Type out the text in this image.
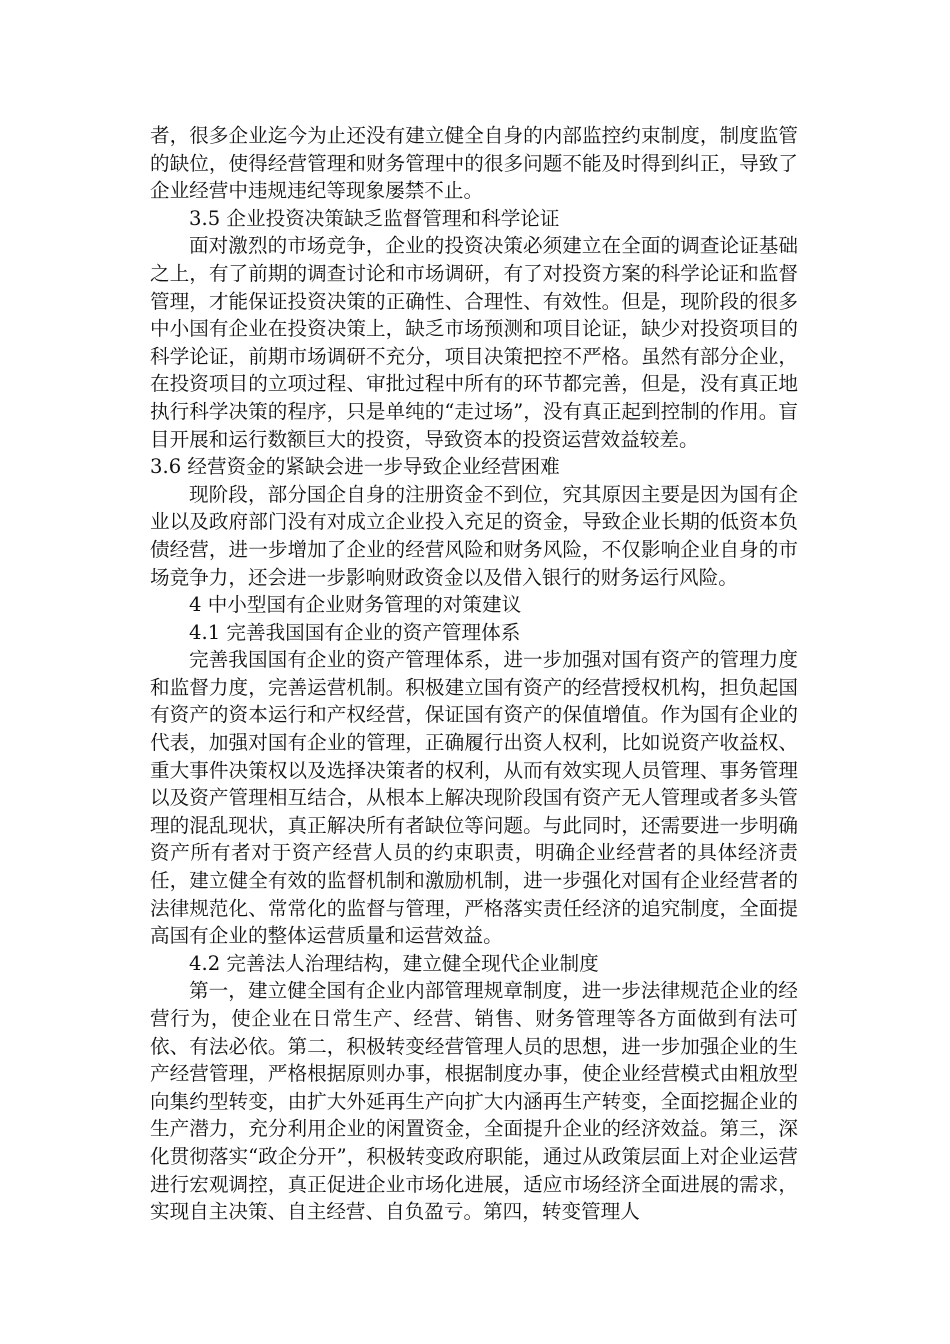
者，很多企业迄今为止还没有建立健全自身的内部监控约束制度，制度监管的缺位，使得经营管理和财务管理中的很多问题不能及时得到纠正，导致了企业经营中违规违纪等现象屡禁不止。

3.5 企业投资决策缺乏监督管理和科学论证

面对激烈的市场竞争，企业的投资决策必须建立在全面的调查论证基础之上，有了前期的调查讨论和市场调研，有了对投资方案的科学论证和监督管理，才能保证投资决策的正确性、合理性、有效性。但是，现阶段的很多中小国有企业在投资决策上，缺乏市场预测和项目论证，缺少对投资项目的科学论证，前期市场调研不充分，项目决策把控不严格。虽然有部分企业，在投资项目的立项过程、审批过程中所有的环节都完善，但是，没有真正地执行科学决策的程序，只是单纯的“走过场”，没有真正起到控制的作用。盲目开展和运行数额巨大的投资，导致资本的投资运营效益较差。

3.6 经营资金的紧缺会进一步导致企业经营困难

现阶段，部分国企自身的注册资金不到位，究其原因主要是因为国有企业以及政府部门没有对成立企业投入充足的资金，导致企业长期的低资本负债经营，进一步增加了企业的经营风险和财务风险，不仅影响企业自身的市场竞争力，还会进一步影响财政资金以及借入银行的财务运行风险。

4 中小型国有企业财务管理的对策建议

4.1 完善我国国有企业的资产管理体系

完善我国国有企业的资产管理体系，进一步加强对国有资产的管理力度和监督力度，完善运营机制。积极建立国有资产的经营授权机构，担负起国有资产的资本运行和产权经营，保证国有资产的保值增值。作为国有企业的代表，加强对国有企业的管理，正确履行出资人权利，比如说资产收益权、重大事件决策权以及选择决策者的权利，从而有效实现人员管理、事务管理以及资产管理相互结合，从根本上解决现阶段国有资产无人管理或者多头管理的混乱现状，真正解决所有者缺位等问题。与此同时，还需要进一步明确资产所有者对于资产经营人员的约束职责，明确企业经营者的具体经济责任，建立健全有效的监督机制和激励机制，进一步强化对国有企业经营者的法律规范化、常常化的监督与管理，严格落实责任经济的追究制度，全面提高国有企业的整体运营质量和运营效益。

4.2 完善法人治理结构，建立健全现代企业制度

第一，建立健全国有企业内部管理规章制度，进一步法律规范企业的经营行为，使企业在日常生产、经营、销售、财务管理等各方面做到有法可依、有法必依。第二，积极转变经营管理人员的思想，进一步加强企业的生产经营管理，严格根据原则办事，根据制度办事，使企业经营模式由粗放型向集约型转变，由扩大外延再生产向扩大内涵再生产转变，全面挖掘企业的生产潜力，充分利用企业的闲置资金，全面提升企业的经济效益。第三，深化贯彻落实“政企分开”，积极转变政府职能，通过从政策层面上对企业运营进行宏观调控，真正促进企业市场化进展，适应市场经济全面进展的需求，实现自主决策、自主经营、自负盈亏。第四，转变管理人
